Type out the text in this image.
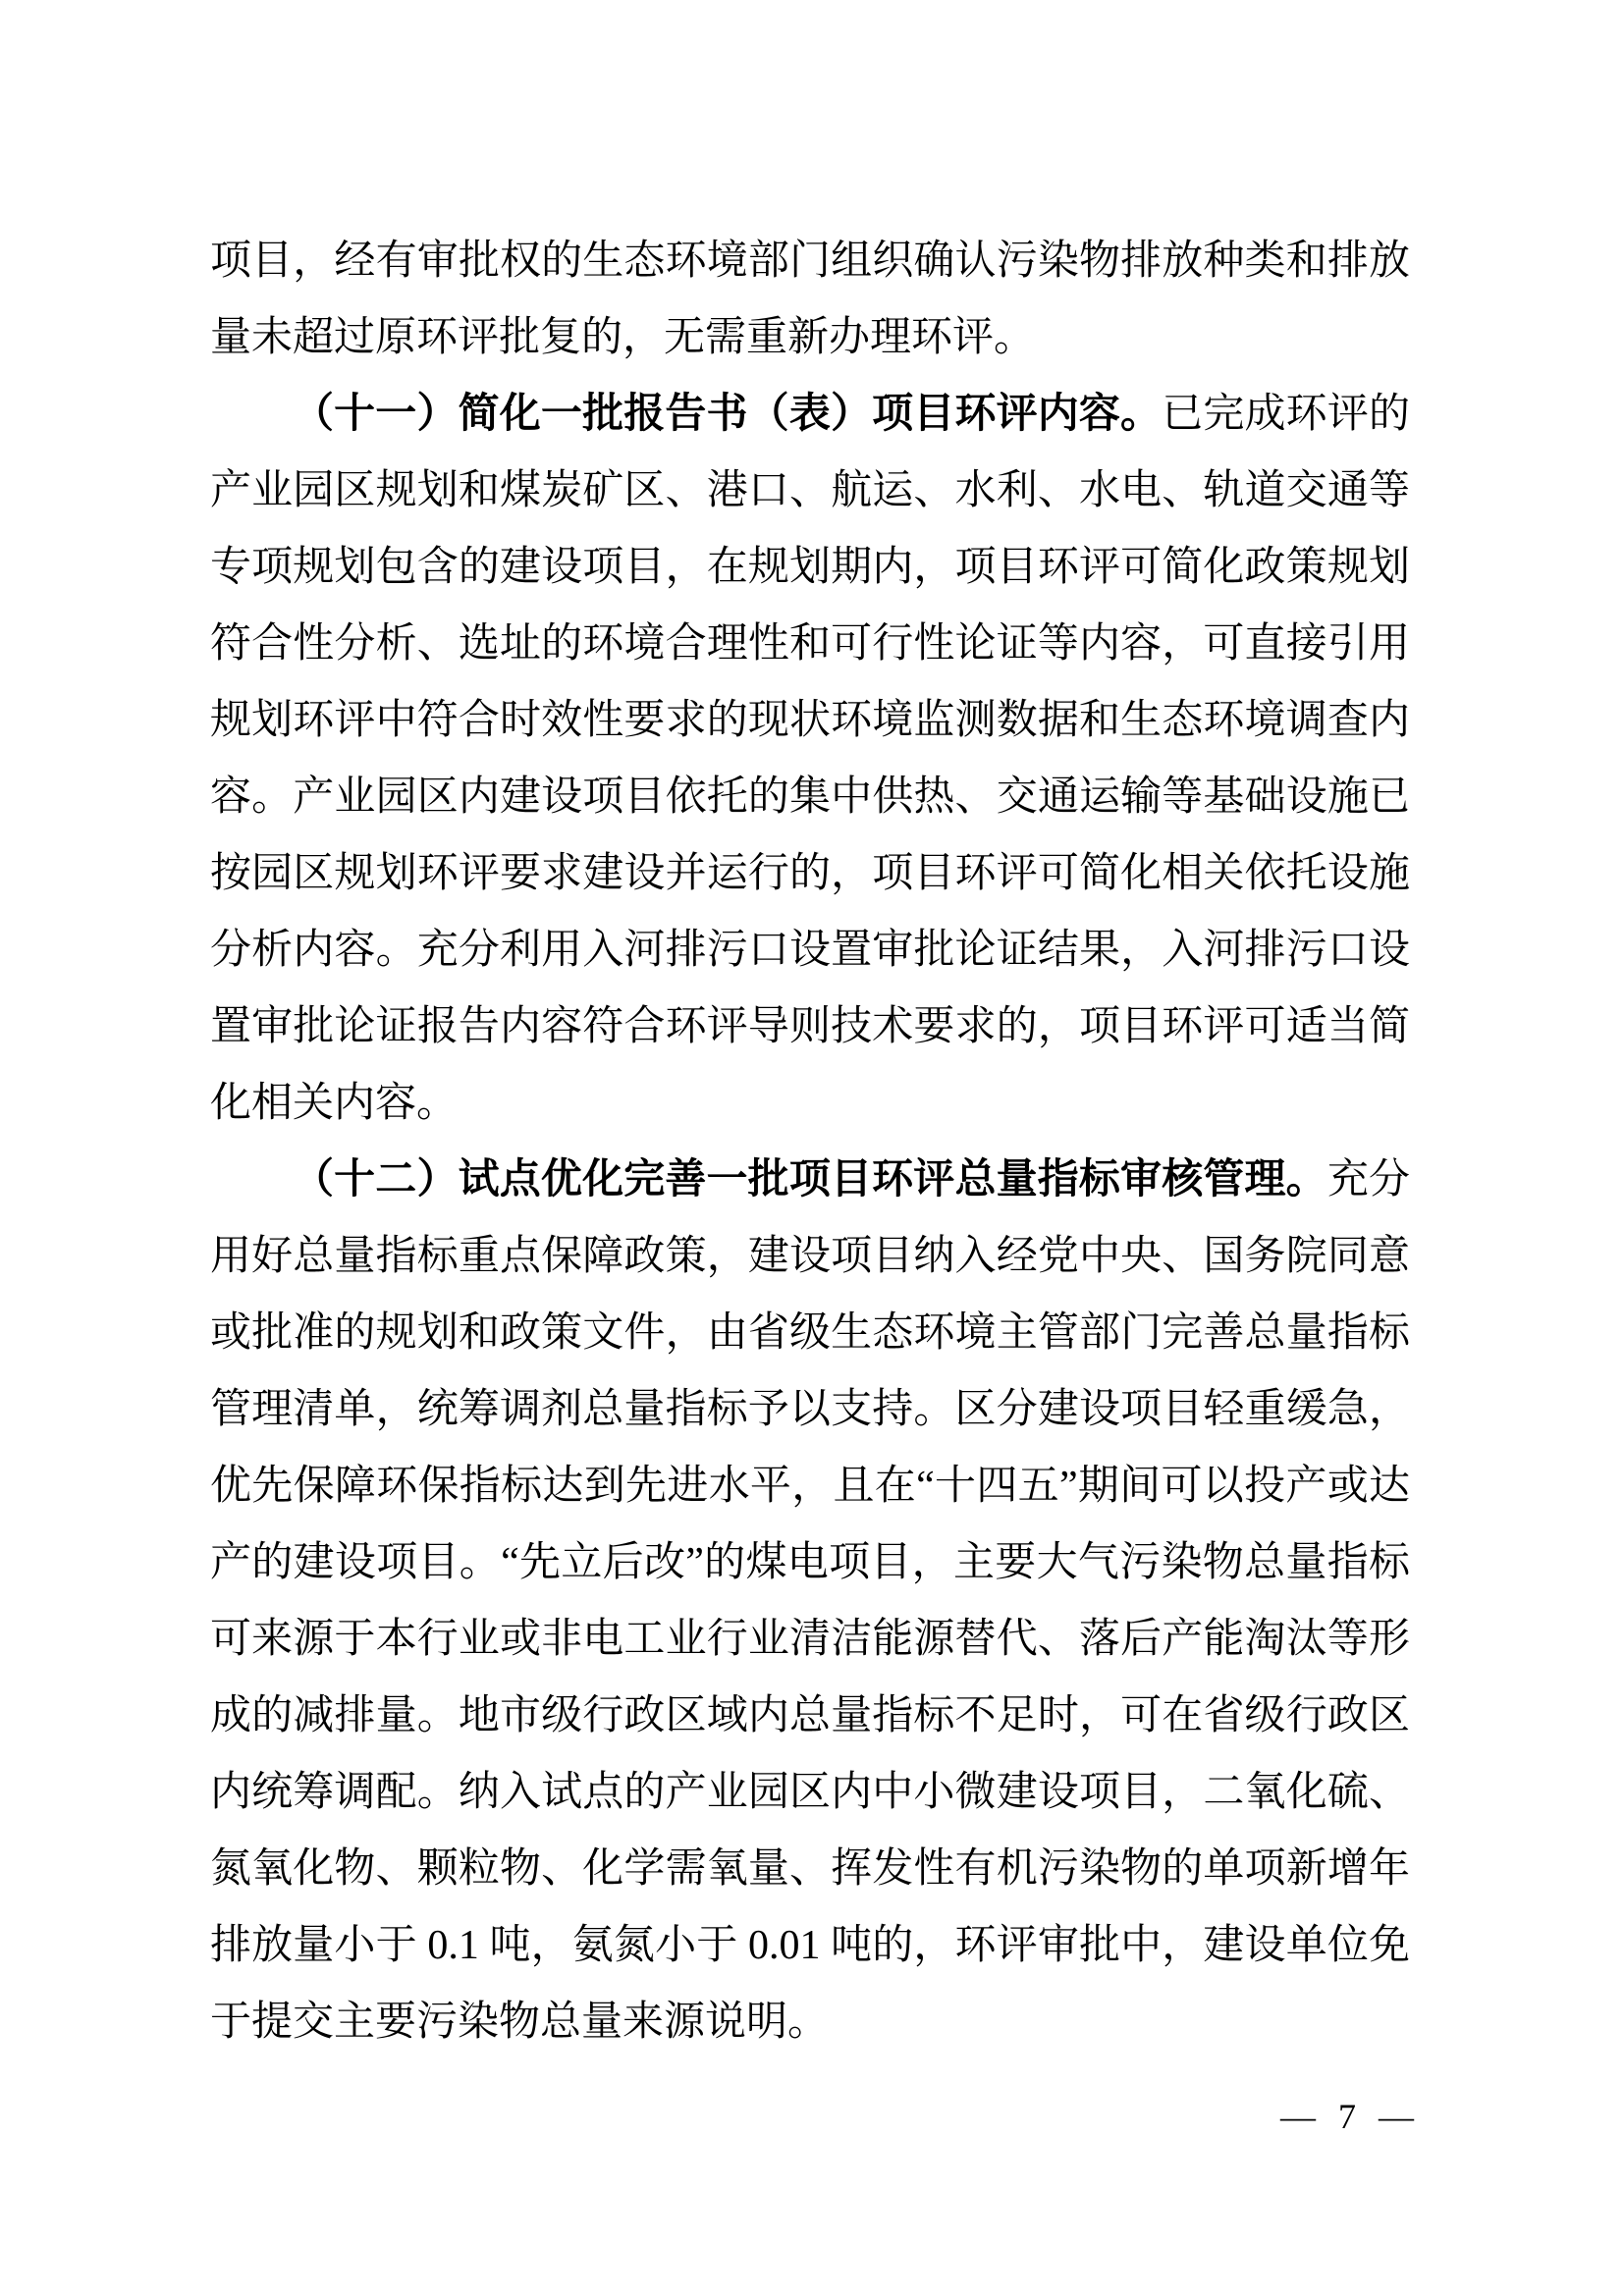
项目，经有审批权的生态环境部门组织确认污染物排放种类和排放量未超过原环评批复的，无需重新办理环评。

（十一）简化一批报告书（表）项目环评内容。已完成环评的产业园区规划和煤炭矿区、港口、航运、水利、水电、轨道交通等专项规划包含的建设项目，在规划期内，项目环评可简化政策规划符合性分析、选址的环境合理性和可行性论证等内容，可直接引用规划环评中符合时效性要求的现状环境监测数据和生态环境调查内容。产业园区内建设项目依托的集中供热、交通运输等基础设施已按园区规划环评要求建设并运行的，项目环评可简化相关依托设施分析内容。充分利用入河排污口设置审批论证结果，入河排污口设置审批论证报告内容符合环评导则技术要求的，项目环评可适当简化相关内容。

（十二）试点优化完善一批项目环评总量指标审核管理。充分用好总量指标重点保障政策，建设项目纳入经党中央、国务院同意或批准的规划和政策文件，由省级生态环境主管部门完善总量指标管理清单，统筹调剂总量指标予以支持。区分建设项目轻重缓急，优先保障环保指标达到先进水平，且在“十四五”期间可以投产或达产的建设项目。“先立后改”的煤电项目，主要大气污染物总量指标可来源于本行业或非电工业行业清洁能源替代、落后产能淘汰等形成的减排量。地市级行政区域内总量指标不足时，可在省级行政区内统筹调配。纳入试点的产业园区内中小微建设项目，二氧化硫、氮氧化物、颗粒物、化学需氧量、挥发性有机污染物的单项新增年排放量小于 0.1 吨，氨氮小于 0.01 吨的，环评审批中，建设单位免于提交主要污染物总量来源说明。

— 7 —
